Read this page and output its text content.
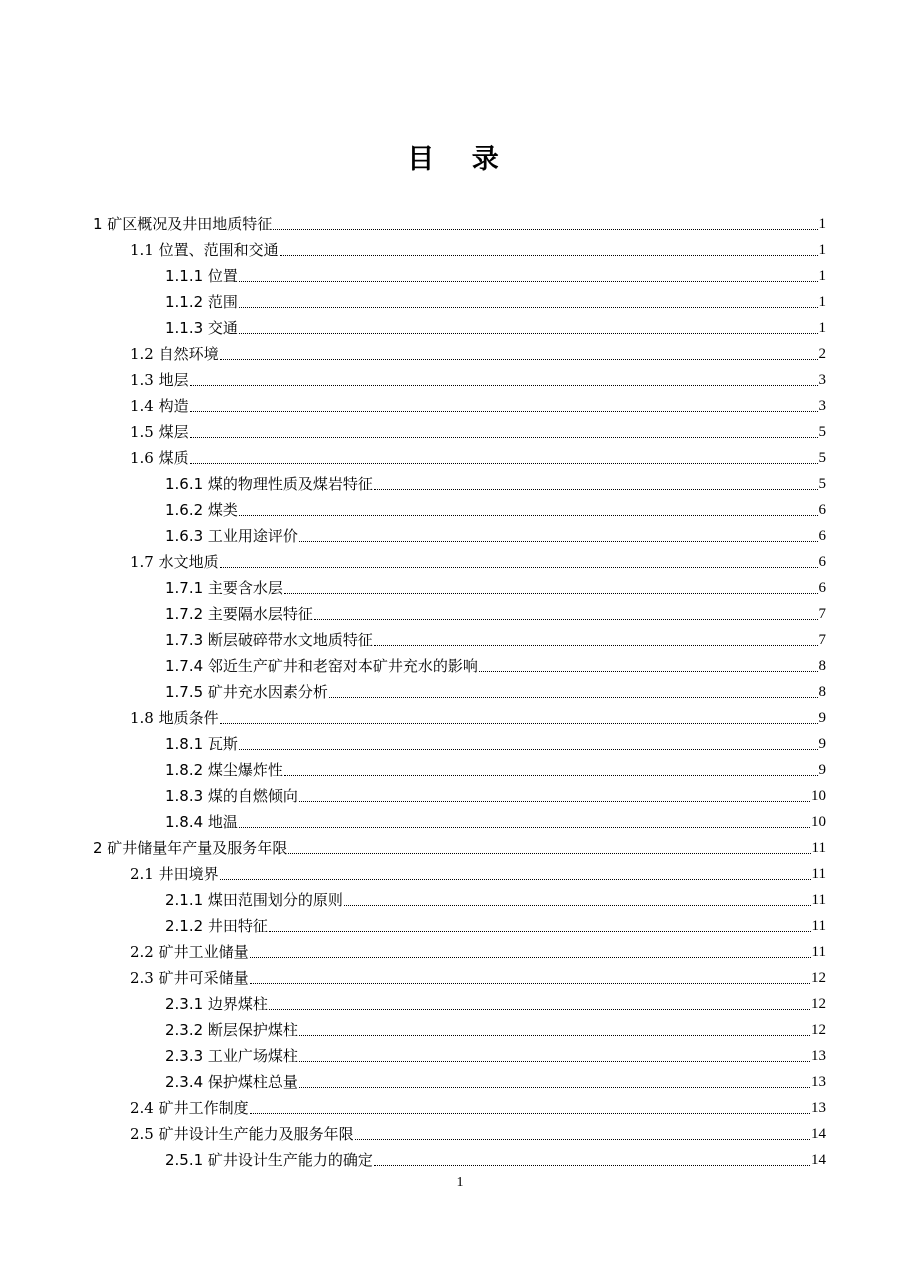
目 录
1 矿区概况及井田地质特征	1
1.1 位置、范围和交通	1
1.1.1 位置	1
1.1.2 范围	1
1.1.3 交通	1
1.2 自然环境	2
1.3 地层	3
1.4 构造	3
1.5 煤层	5
1.6 煤质	5
1.6.1 煤的物理性质及煤岩特征	5
1.6.2 煤类	6
1.6.3 工业用途评价	6
1.7 水文地质	6
1.7.1 主要含水层	6
1.7.2 主要隔水层特征	7
1.7.3 断层破碎带水文地质特征	7
1.7.4 邻近生产矿井和老窑对本矿井充水的影响	8
1.7.5 矿井充水因素分析	8
1.8 地质条件	9
1.8.1 瓦斯	9
1.8.2 煤尘爆炸性	9
1.8.3 煤的自燃倾向	10
1.8.4 地温	10
2 矿井储量年产量及服务年限	11
2.1 井田境界	11
2.1.1 煤田范围划分的原则	11
2.1.2 井田特征	11
2.2 矿井工业储量	11
2.3 矿井可采储量	12
2.3.1 边界煤柱	12
2.3.2 断层保护煤柱	12
2.3.3 工业广场煤柱	13
2.3.4 保护煤柱总量	13
2.4 矿井工作制度	13
2.5 矿井设计生产能力及服务年限	14
2.5.1 矿井设计生产能力的确定	14
1
